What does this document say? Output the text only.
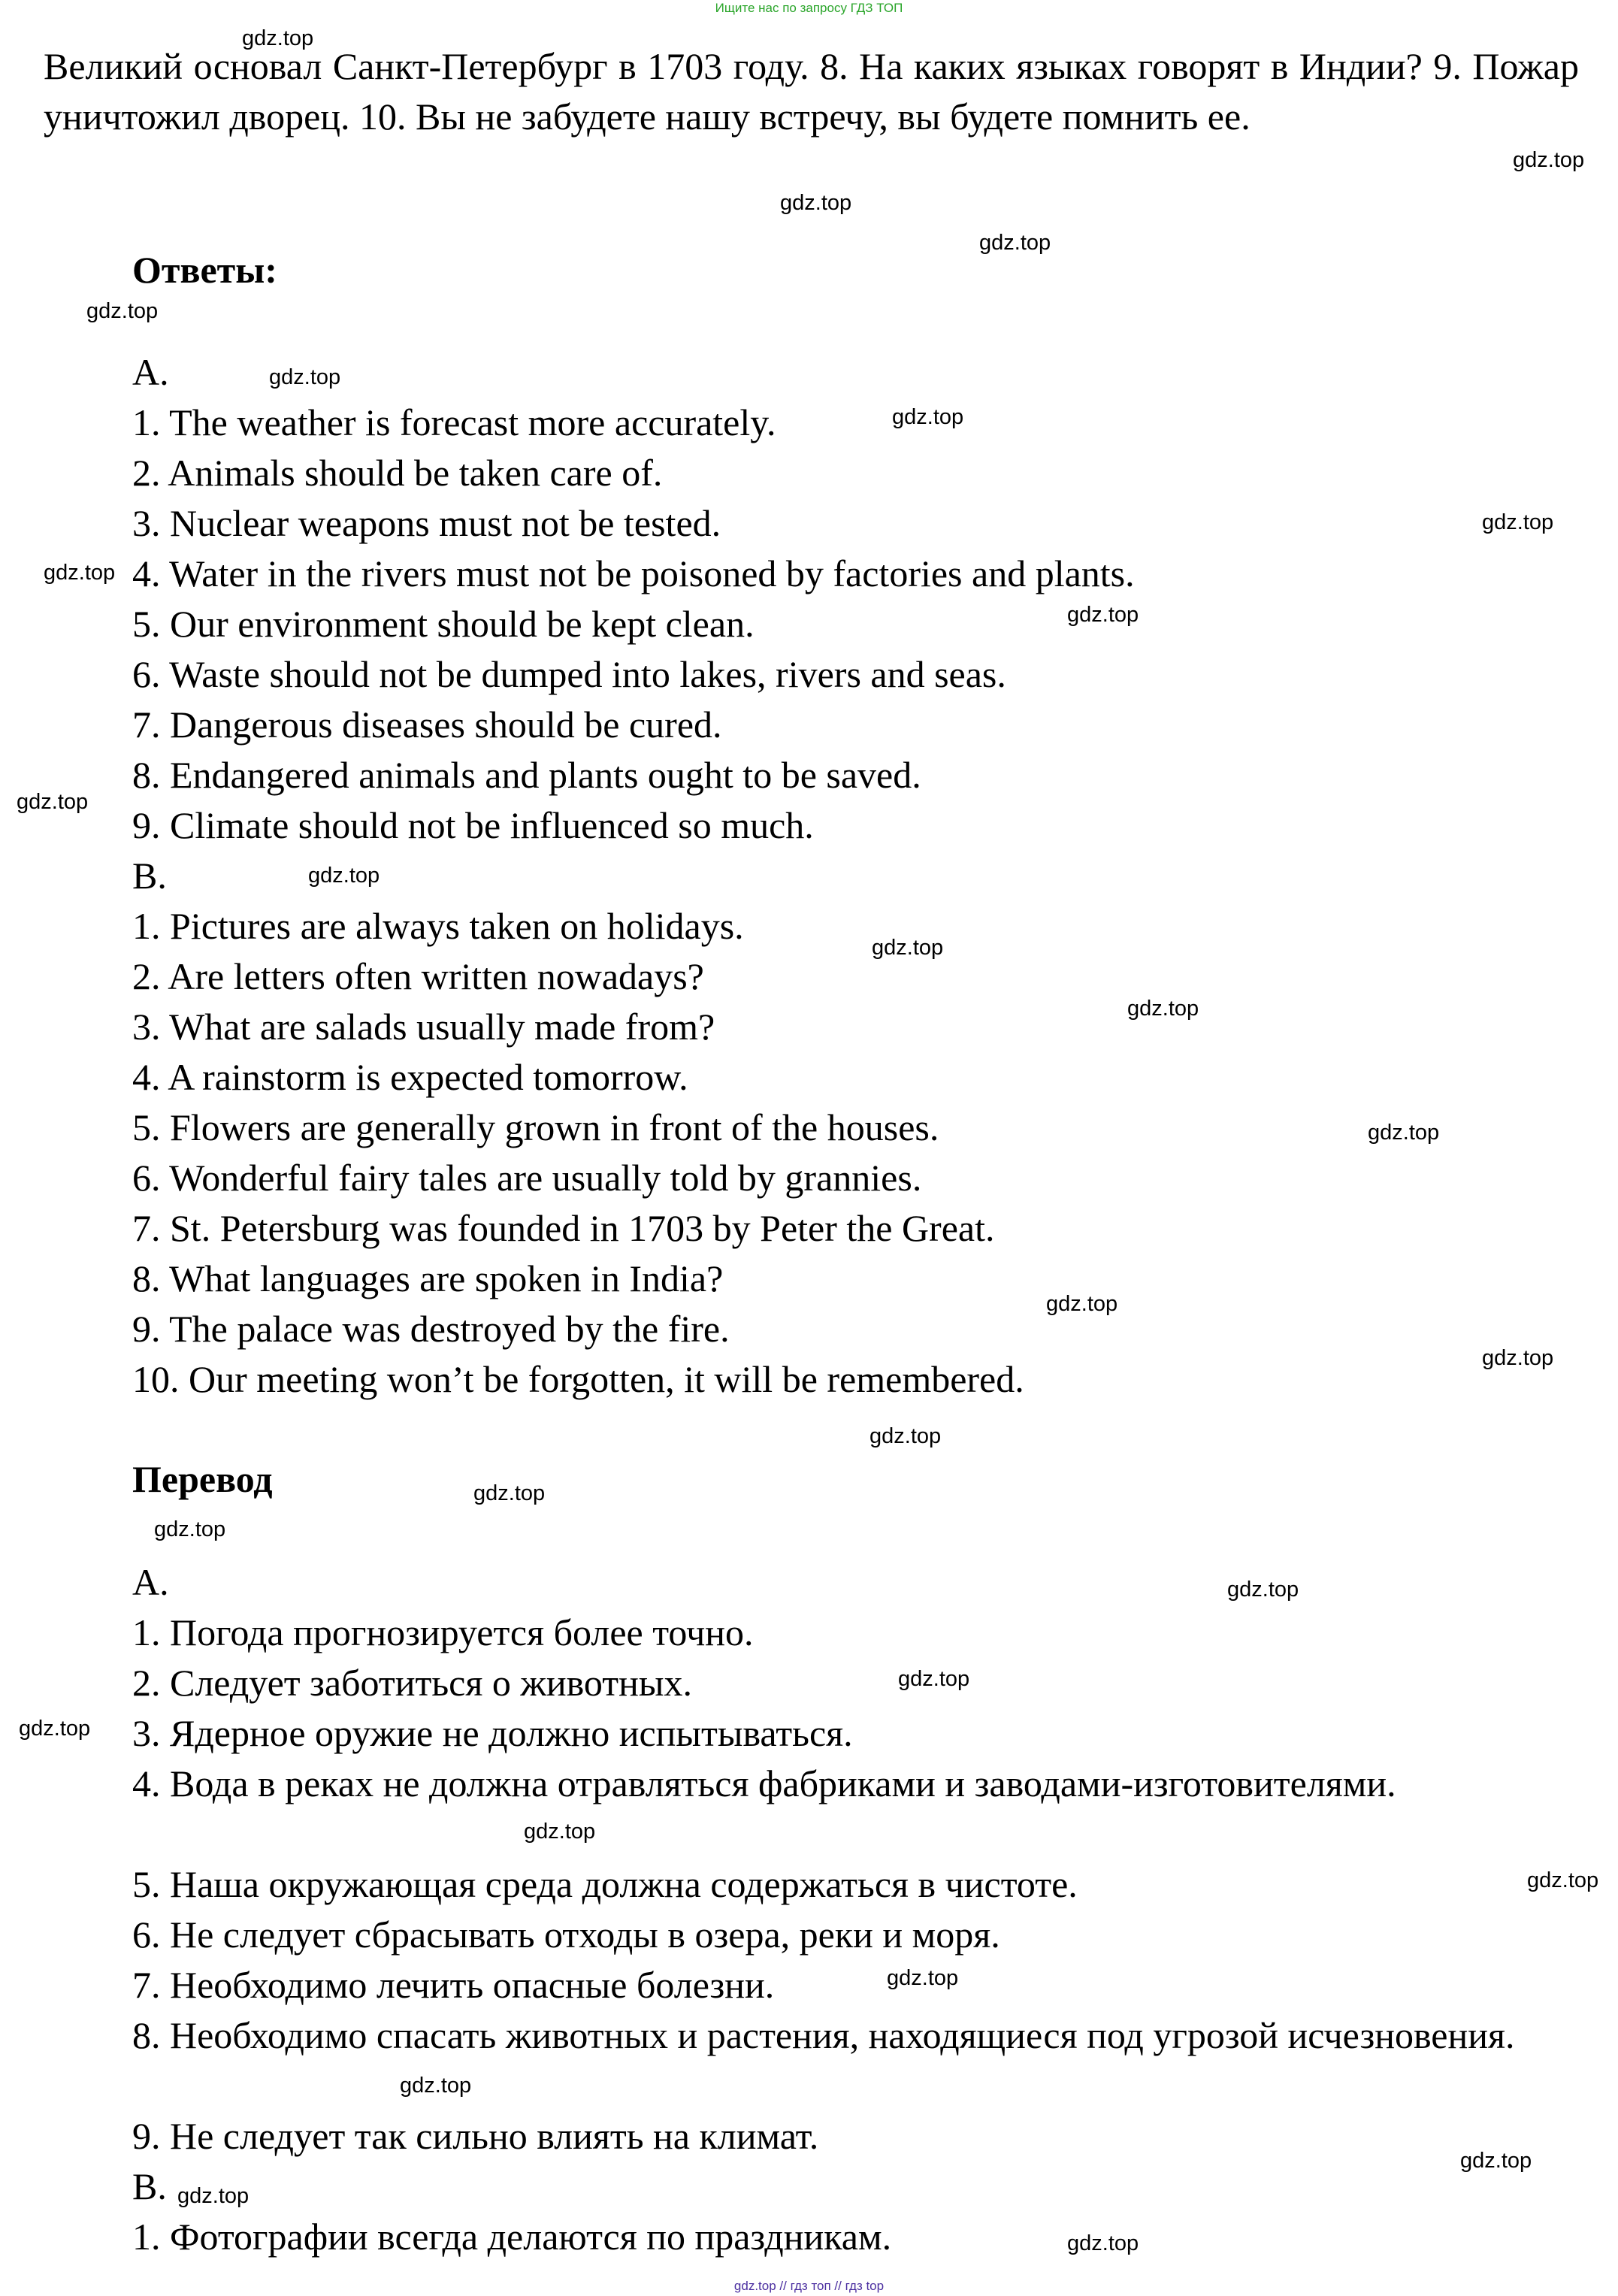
Ищите нас по запросу ГДЗ ТОП

Великий основал Санкт-Петербург в 1703 году. 8. На каких языках говорят в Индии? 9. Пожар уничтожил дворец. 10. Вы не забудете нашу встречу, вы будете помнить ее.

Ответы:
A.
1. The weather is forecast more accurately.
2. Animals should be taken care of.
3. Nuclear weapons must not be tested.
4. Water in the rivers must not be poisoned by factories and plants.
5. Our environment should be kept clean.
6. Waste should not be dumped into lakes, rivers and seas.
7. Dangerous diseases should be cured.
8. Endangered animals and plants ought to be saved.
9. Climate should not be influenced so much.
B.
1. Pictures are always taken on holidays.
2. Are letters often written nowadays?
3. What are salads usually made from?
4. A rainstorm is expected tomorrow.
5. Flowers are generally grown in front of the houses.
6. Wonderful fairy tales are usually told by grannies.
7. St. Petersburg was founded in 1703 by Peter the Great.
8. What languages are spoken in India?
9. The palace was destroyed by the fire.
10. Our meeting won’t be forgotten, it will be remembered.
Перевод
A.
1. Погода прогнозируется более точно.
2. Следует заботиться о животных.
3. Ядерное оружие не должно испытываться.

4. Вода в реках не должна отравляться фабриками и заводами-изготовителями.

5. Наша окружающая среда должна содержаться в чистоте.
6. Не следует сбрасывать отходы в озера, реки и моря.
7. Необходимо лечить опасные болезни.

8. Необходимо спасать животных и растения, находящиеся под угрозой исчезновения.

9. Не следует так сильно влиять на климат.
B.
1. Фотографии всегда делаются по праздникам.
gdz.top
gdz.top
gdz.top
gdz.top
gdz.top
gdz.top
gdz.top
gdz.top
gdz.top
gdz.top
gdz.top
gdz.top
gdz.top
gdz.top
gdz.top
gdz.top
gdz.top
gdz.top
gdz.top
gdz.top
gdz.top
gdz.top
gdz.top
gdz.top
gdz.top
gdz.top
gdz.top
gdz.top
gdz.top
gdz.top
gdz.top // гдз топ // гдз top
